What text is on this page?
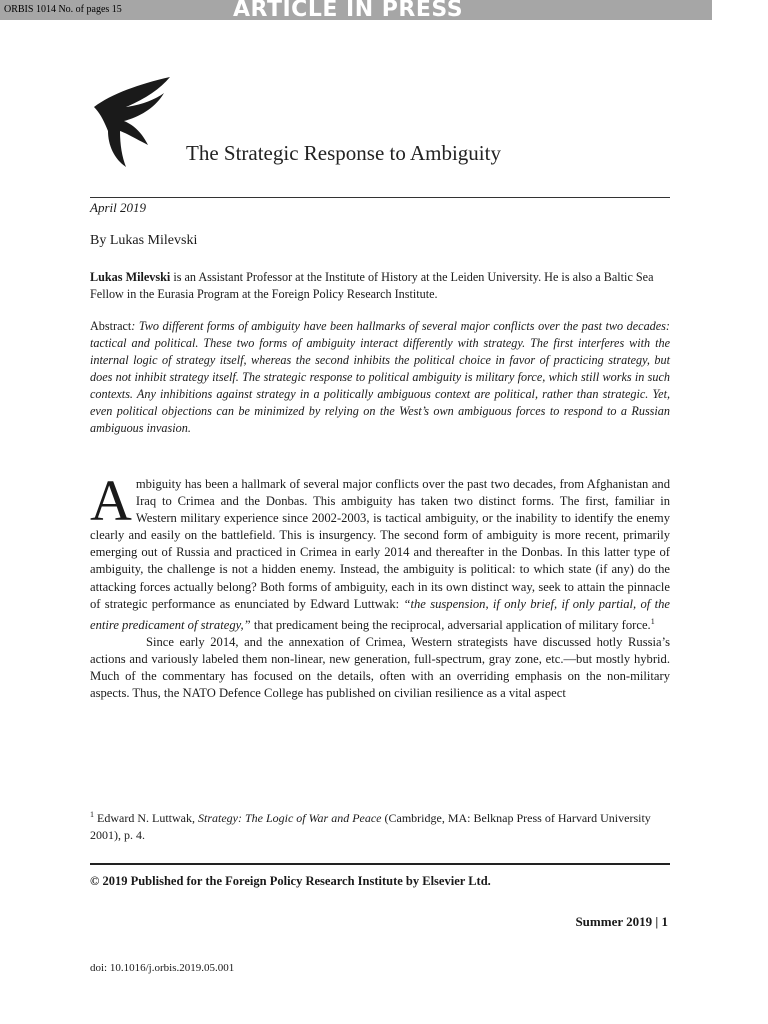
ORBIS 1014 No. of pages 15	ARTICLE IN PRESS
The Strategic Response to Ambiguity
April 2019
By Lukas Milevski
Lukas Milevski is an Assistant Professor at the Institute of History at the Leiden University. He is also a Baltic Sea Fellow in the Eurasia Program at the Foreign Policy Research Institute.
Abstract: Two different forms of ambiguity have been hallmarks of several major conflicts over the past two decades: tactical and political. These two forms of ambiguity interact differently with strategy. The first interferes with the internal logic of strategy itself, whereas the second inhibits the political choice in favor of practicing strategy, but does not inhibit strategy itself. The strategic response to political ambiguity is military force, which still works in such contexts. Any inhibitions against strategy in a politically ambiguous context are political, rather than strategic. Yet, even political objections can be minimized by relying on the West’s own ambiguous forces to respond to a Russian ambiguous invasion.

Ambiguity has been a hallmark of several major conflicts over the past two decades, from Afghanistan and Iraq to Crimea and the Donbas. This ambiguity has taken two distinct forms. The first, familiar in Western military experience since 2002-2003, is tactical ambiguity, or the inability to identify the enemy clearly and easily on the battlefield. This is insurgency. The second form of ambiguity is more recent, primarily emerging out of Russia and practiced in Crimea in early 2014 and thereafter in the Donbas. In this latter type of ambiguity, the challenge is not a hidden enemy. Instead, the ambiguity is political: to which state (if any) do the attacking forces actually belong? Both forms of ambiguity, each in its own distinct way, seek to attain the pinnacle of strategic performance as enunciated by Edward Luttwak: “the suspension, if only brief, if only partial, of the entire predicament of strategy,” that predicament being the reciprocal, adversarial application of military force.$^1$

Since early 2014, and the annexation of Crimea, Western strategists have discussed hotly Russia’s actions and variously labeled them non-linear, new generation, full-spectrum, gray zone, etc.—but mostly hybrid. Much of the commentary has focused on the details, often with an overriding emphasis on the non-military aspects. Thus, the NATO Defence College has published on civilian resilience as a vital aspect

$^1$ Edward N. Luttwak, Strategy: The Logic of War and Peace (Cambridge, MA: Belknap Press of Harvard University 2001), p. 4.
© 2019 Published for the Foreign Policy Research Institute by Elsevier Ltd.
Summer 2019 | 1
doi: 10.1016/j.orbis.2019.05.001
